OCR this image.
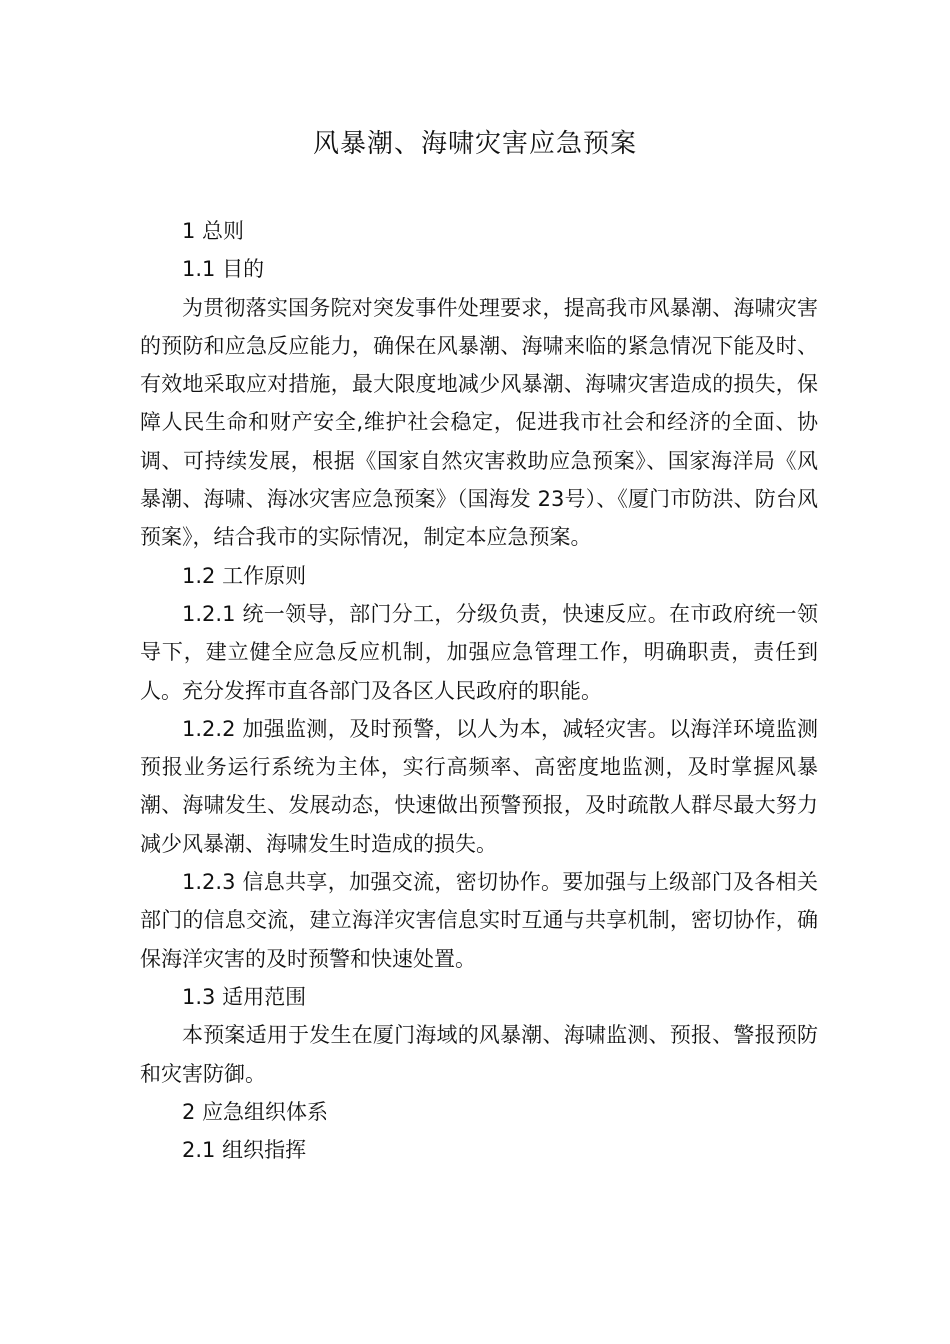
风暴潮、海啸灾害应急预案

1 总则

1.1 目的

为贯彻落实国务院对突发事件处理要求，提高我市风暴潮、海啸灾害的预防和应急反应能力，确保在风暴潮、海啸来临的紧急情况下能及时、有效地采取应对措施，最大限度地减少风暴潮、海啸灾害造成的损失，保障人民生命和财产安全,维护社会稳定，促进我市社会和经济的全面、协调、可持续发展，根据《国家自然灾害救助应急预案》、国家海洋局《风暴潮、海啸、海冰灾害应急预案》（国海发 23号）、《厦门市防洪、防台风预案》，结合我市的实际情况，制定本应急预案。

1.2 工作原则

1.2.1 统一领导，部门分工，分级负责，快速反应。在市政府统一领导下，建立健全应急反应机制，加强应急管理工作，明确职责，责任到人。充分发挥市直各部门及各区人民政府的职能。

1.2.2 加强监测，及时预警，以人为本，减轻灾害。以海洋环境监测预报业务运行系统为主体，实行高频率、高密度地监测，及时掌握风暴潮、海啸发生、发展动态，快速做出预警预报，及时疏散人群尽最大努力减少风暴潮、海啸发生时造成的损失。

1.2.3 信息共享，加强交流，密切协作。要加强与上级部门及各相关部门的信息交流，建立海洋灾害信息实时互通与共享机制，密切协作，确保海洋灾害的及时预警和快速处置。

1.3 适用范围

本预案适用于发生在厦门海域的风暴潮、海啸监测、预报、警报预防和灾害防御。

2 应急组织体系

2.1 组织指挥
